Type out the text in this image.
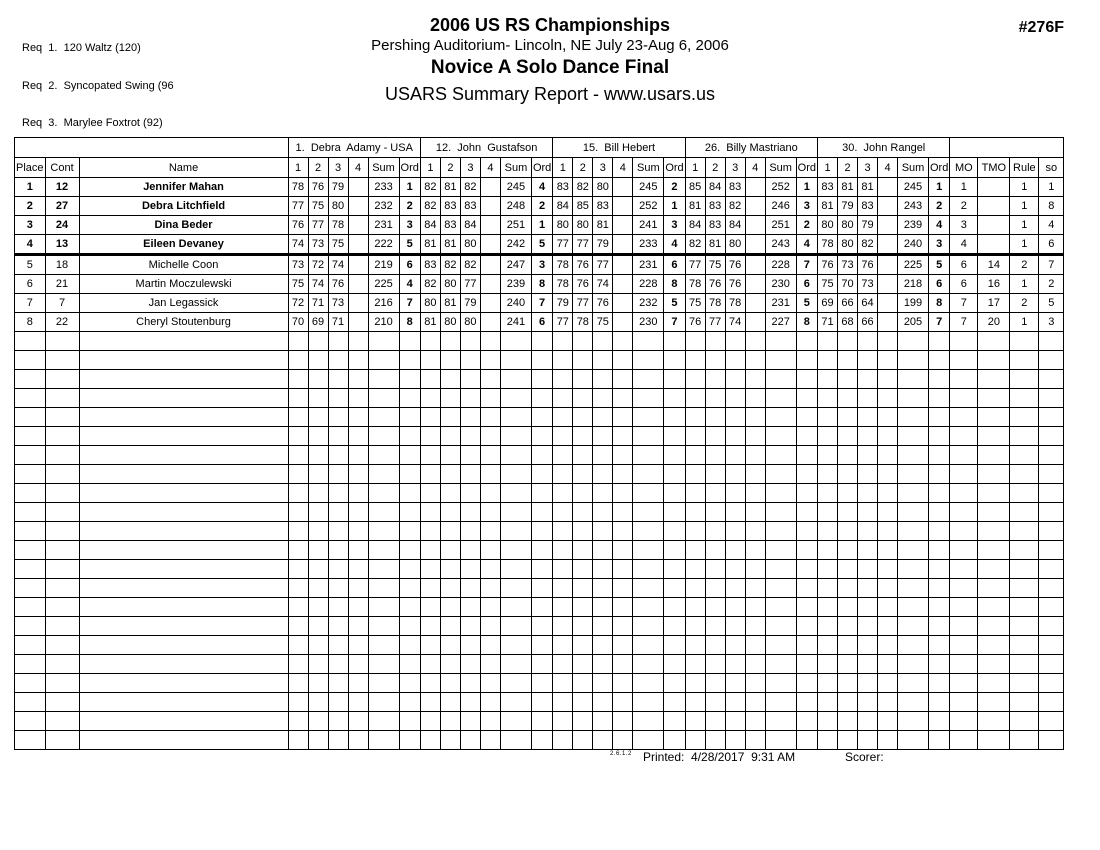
Req  1.  120 Waltz (120)

Req  2.  Syncopated Swing (96

Req  3.  Marylee Foxtrot (92)

2006 US RS Championships
Pershing Auditorium- Lincoln, NE July 23-Aug 6, 2006
Novice A Solo Dance Final
USARS Summary Report - www.usars.us
#276F
			1.  Debra  Adamy - USA						12.  John  Gustafson						15.  Bill Hebert						26.  Billy Mastriano						30.  John Rangel									
Place	Cont	Name	1	2	3	4	Sum	Ord	1	2	3	4	Sum	Ord	1	2	3	4	Sum	Ord	1	2	3	4	Sum	Ord	1	2	3	4	Sum	Ord	MO	TMO	Rule	so
1	12	Jennifer Mahan	78	76	79		233	1	82	81	82		245	4	83	82	80		245	2	85	84	83		252	1	83	81	81		245	1	1		1	1
2	27	Debra Litchfield	77	75	80		232	2	82	83	83		248	2	84	85	83		252	1	81	83	82		246	3	81	79	83		243	2	2		1	8
3	24	Dina Beder	76	77	78		231	3	84	83	84		251	1	80	80	81		241	3	84	83	84		251	2	80	80	79		239	4	3		1	4
4	13	Eileen Devaney	74	73	75		222	5	81	81	80		242	5	77	77	79		233	4	82	81	80		243	4	78	80	82		240	3	4		1	6
5	18	Michelle Coon	73	72	74		219	6	83	82	82		247	3	78	76	77		231	6	77	75	76		228	7	76	73	76		225	5	6	14	2	7
6	21	Martin Moczulewski	75	74	76		225	4	82	80	77		239	8	78	76	74		228	8	78	76	76		230	6	75	70	73		218	6	6	16	1	2
7	7	Jan Legassick	72	71	73		216	7	80	81	79		240	7	79	77	76		232	5	75	78	78		231	5	69	66	64		199	8	7	17	2	5
8	22	Cheryl Stoutenburg	70	69	71		210	8	81	80	80		241	6	77	78	75		230	7	76	77	74		227	8	71	68	66		205	7	7	20	1	3

2.6.1.2 Printed:  4/28/2017  9:31 AM	Scorer:
